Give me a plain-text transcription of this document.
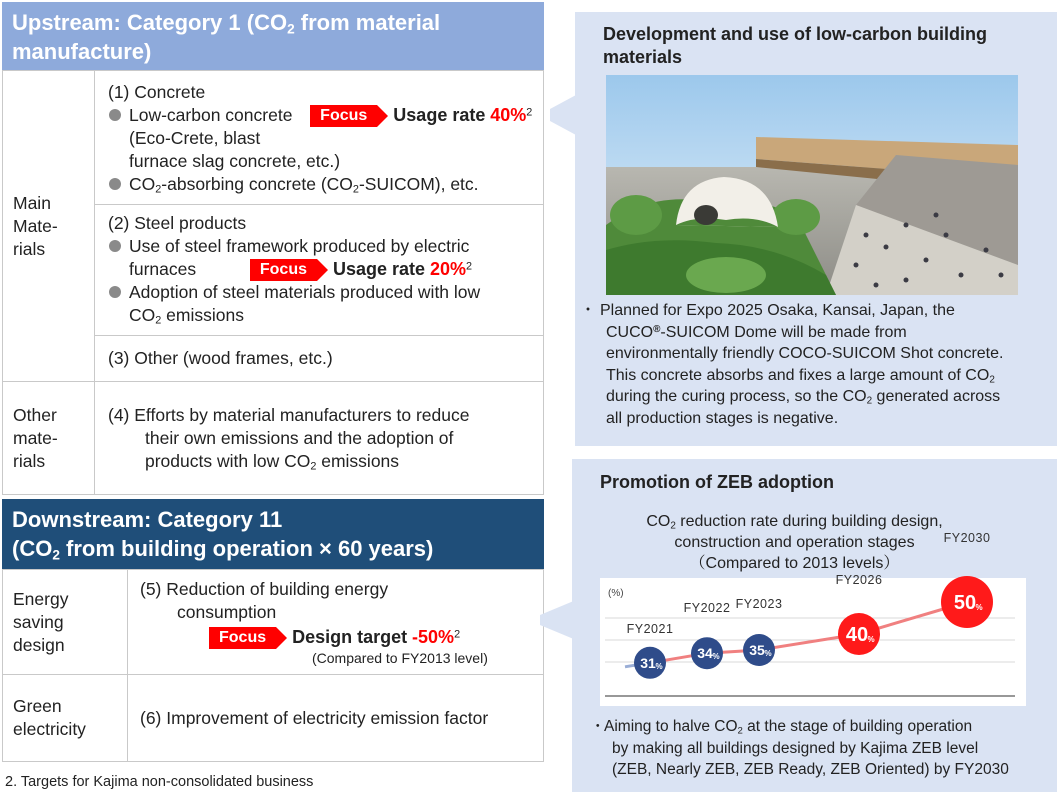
Upstream: Category 1 ($CO_2$ from material
manufacture)
Main
Mate-
rials
(1) Concrete
Low-carbon concrete Focus Usage rate 40%$^2$
(Eco-Crete, blast
furnace slag concrete, etc.)
$CO_2$-absorbing concrete $(CO_2-SUICOM)$, etc.
(2) Steel products
Use of steel framework produced by electric
furnaces	Focus Usage rate 20%$^2$
Adoption of steel materials produced with low
$CO_2$ emissions
(3) Other (wood frames, etc.)
Other
mate-
rials
(4) Efforts by material manufacturers to reduce
their own emissions and the adoption of
products with low $CO_2$ emissions
Downstream: Category 11
($CO_2$ from building operation × 60 years)
Energy
saving
design
(5) Reduction of building energy
consumption
Focus Design target -50%$^2$
(Compared to FY2013 level)
Green
electricity
(6) Improvement of electricity emission factor
2. Targets for Kajima non-consolidated business
Development and use of low-carbon building
materials
・ Planned for Expo 2025 Osaka, Kansai, Japan, the
CUCO®-SUICOM Dome will be made from
environmentally friendly COCO-SUICOM Shot concrete.
This concrete absorbs and fixes a large amount of $CO_2$
during the curing process, so the $CO_2$ generated across
all production stages is negative.
Promotion of ZEB adoption
$CO_2$ reduction rate during building design,
construction and operation stages
（Compared to 2013 levels）
(%)
31 %
FY2021
34 %
FY2022
35 %
FY2023
40 %
FY2026
50 %
FY2030
・Aiming to halve $CO_2$ at the stage of building operation
by making all buildings designed by Kajima ZEB level
(ZEB, Nearly ZEB, ZEB Ready, ZEB Oriented) by FY2030
